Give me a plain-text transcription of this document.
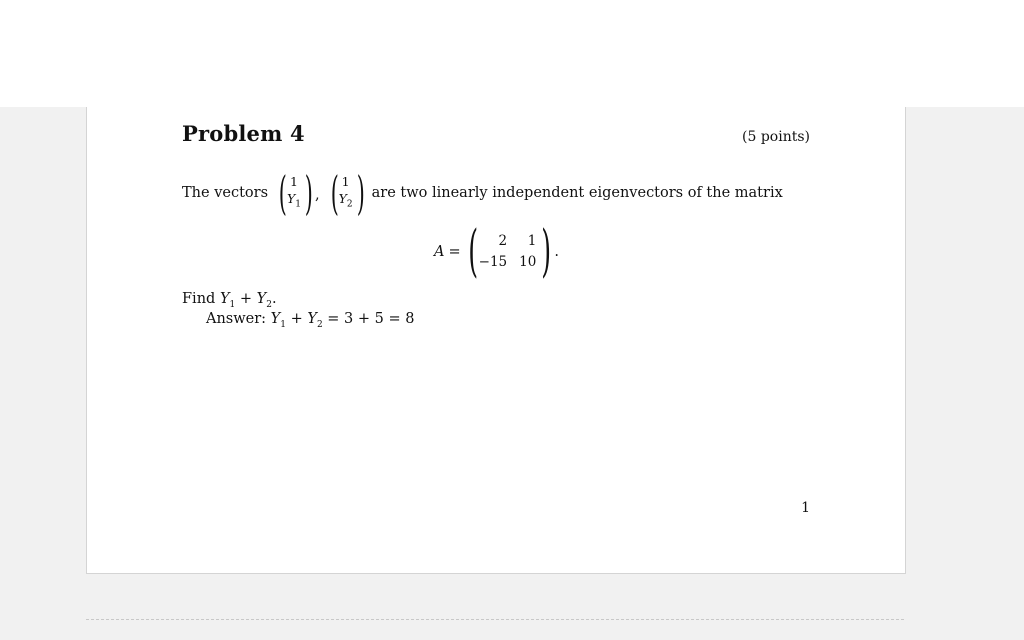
Problem 4	(5 points)
The vectors ( 1
$Y_1$ ) , ( 1
$Y_2$ ) are two linearly independent eigenvectors of the matrix
A = (	2	1
−15 10 ) .
Find $Y_1 + Y_2$.
Answer: $Y_1 + Y_2 = 3 + 5 = 8$
1
